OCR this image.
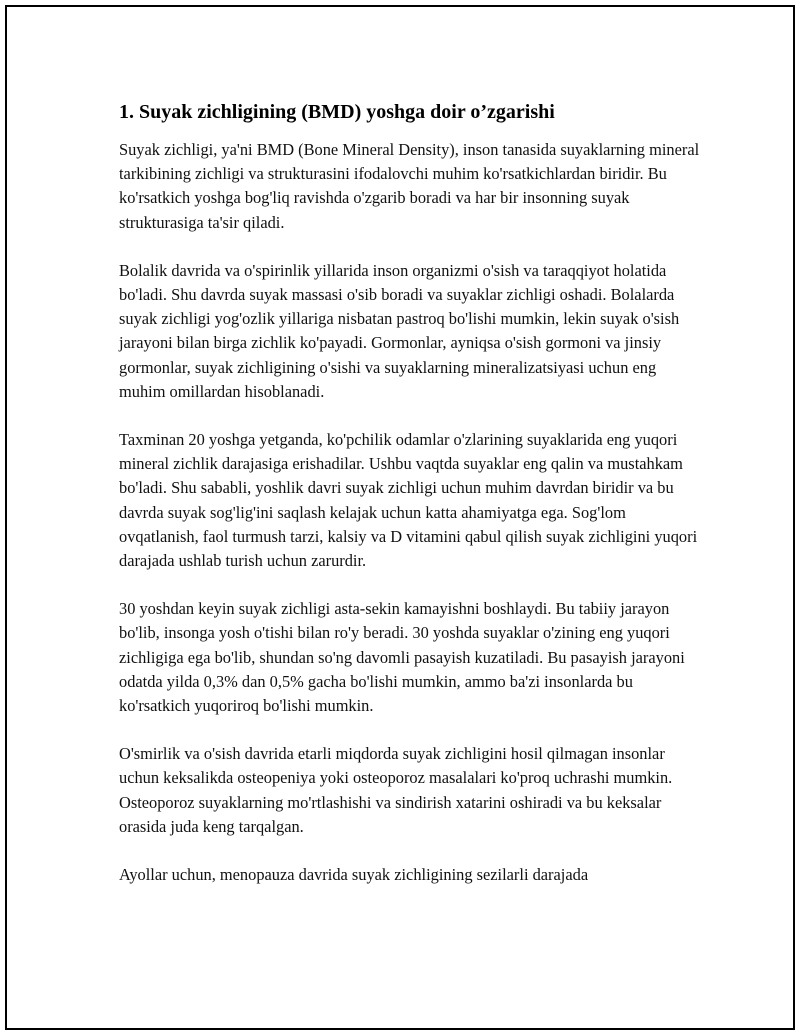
1. Suyak zichligining (BMD) yoshga doir o’zgarishi

Suyak zichligi, ya'ni BMD (Bone Mineral Density), inson tanasida suyaklarning mineral tarkibining zichligi va strukturasini ifodalovchi muhim ko'rsatkichlardan biridir. Bu ko'rsatkich yoshga bog'liq ravishda o'zgarib boradi va har bir insonning suyak strukturasiga ta'sir qiladi.

Bolalik davrida va o'spirinlik yillarida inson organizmi o'sish va taraqqiyot holatida bo'ladi. Shu davrda suyak massasi o'sib boradi va suyaklar zichligi oshadi. Bolalarda suyak zichligi yog'ozlik yillariga nisbatan pastroq bo'lishi mumkin, lekin suyak o'sish jarayoni bilan birga zichlik ko'payadi. Gormonlar, ayniqsa o'sish gormoni va jinsiy gormonlar, suyak zichligining o'sishi va suyaklarning mineralizatsiyasi uchun eng muhim omillardan hisoblanadi.

Taxminan 20 yoshga yetganda, ko'pchilik odamlar o'zlarining suyaklarida eng yuqori mineral zichlik darajasiga erishadilar. Ushbu vaqtda suyaklar eng qalin va mustahkam bo'ladi. Shu sababli, yoshlik davri suyak zichligi uchun muhim davrdan biridir va bu davrda suyak sog'lig'ini saqlash kelajak uchun katta ahamiyatga ega. Sog'lom ovqatlanish, faol turmush tarzi, kalsiy va D vitamini qabul qilish suyak zichligini yuqori darajada ushlab turish uchun zarurdir.

30 yoshdan keyin suyak zichligi asta-sekin kamayishni boshlaydi. Bu tabiiy jarayon bo'lib, insonga yosh o'tishi bilan ro'y beradi. 30 yoshda suyaklar o'zining eng yuqori zichligiga ega bo'lib, shundan so'ng davomli pasayish kuzatiladi. Bu pasayish jarayoni odatda yilda 0,3% dan 0,5% gacha bo'lishi mumkin, ammo ba'zi insonlarda bu ko'rsatkich yuqoriroq bo'lishi mumkin.

O'smirlik va o'sish davrida etarli miqdorda suyak zichligini hosil qilmagan insonlar uchun keksalikda osteopeniya yoki osteoporoz masalalari ko'proq uchrashi mumkin. Osteoporoz suyaklarning mo'rtlashishi va sindirish xatarini oshiradi va bu keksalar orasida juda keng tarqalgan.

Ayollar uchun, menopauza davrida suyak zichligining sezilarli darajada
